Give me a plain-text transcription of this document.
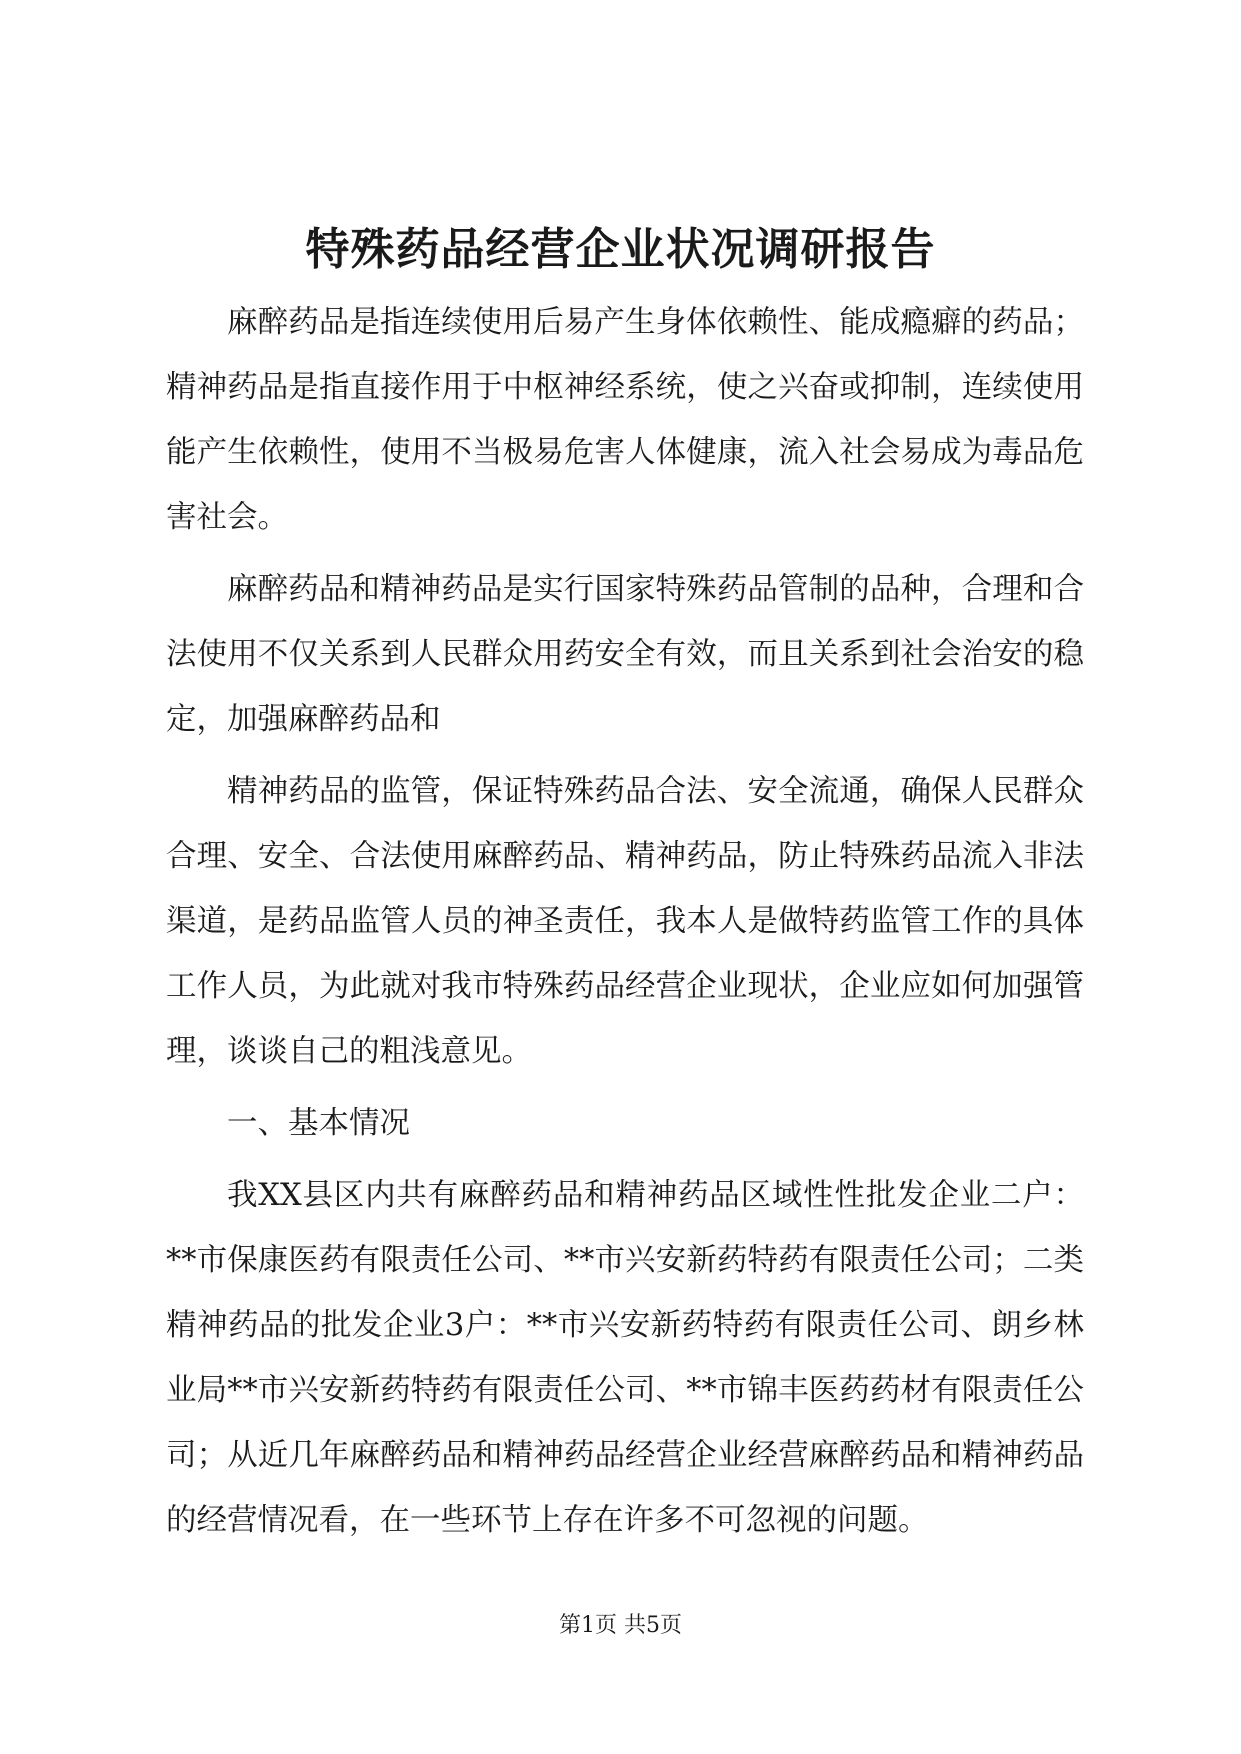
特殊药品经营企业状况调研报告

麻醉药品是指连续使用后易产生身体依赖性、能成瘾癖的药品；精神药品是指直接作用于中枢神经系统，使之兴奋或抑制，连续使用能产生依赖性，使用不当极易危害人体健康，流入社会易成为毒品危害社会。

麻醉药品和精神药品是实行国家特殊药品管制的品种，合理和合法使用不仅关系到人民群众用药安全有效，而且关系到社会治安的稳定，加强麻醉药品和

精神药品的监管，保证特殊药品合法、安全流通，确保人民群众合理、安全、合法使用麻醉药品、精神药品，防止特殊药品流入非法渠道，是药品监管人员的神圣责任，我本人是做特药监管工作的具体工作人员，为此就对我市特殊药品经营企业现状，企业应如何加强管理，谈谈自己的粗浅意见。

一、基本情况

我XX县区内共有麻醉药品和精神药品区域性性批发企业二户：**市保康医药有限责任公司、**市兴安新药特药有限责任公司；二类精神药品的批发企业3户：**市兴安新药特药有限责任公司、朗乡林业局**市兴安新药特药有限责任公司、**市锦丰医药药材有限责任公司；从近几年麻醉药品和精神药品经营企业经营麻醉药品和精神药品的经营情况看，在一些环节上存在许多不可忽视的问题。

第1页 共5页
